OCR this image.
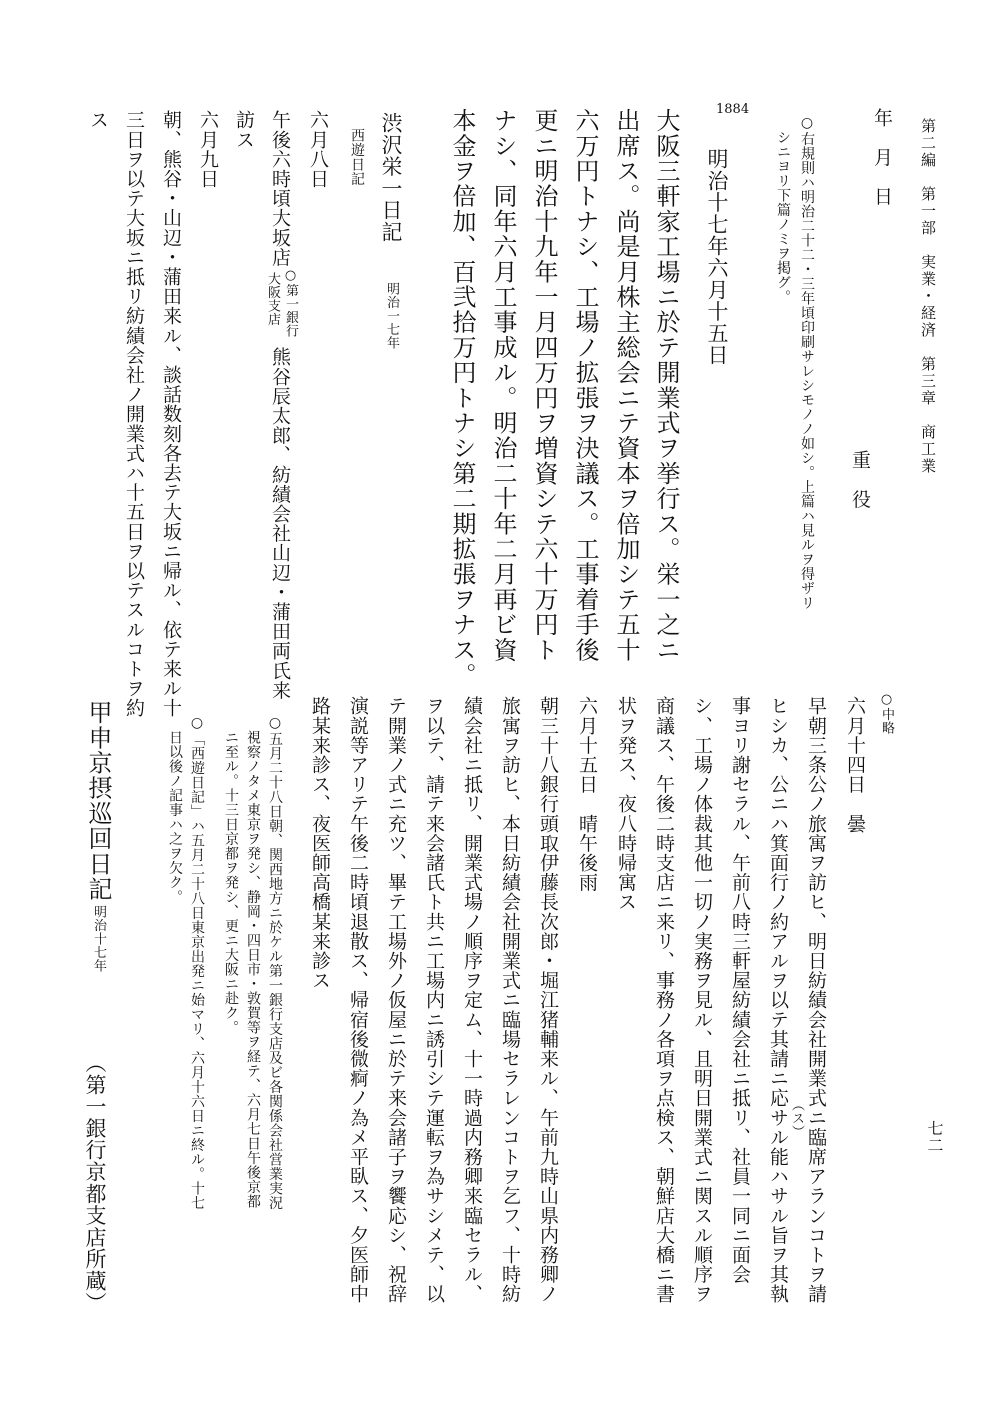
第二編　第一部　実業・経済　第三章　商工業
七二
年　月　日
重　役
○右規則ハ明治二十二・三年頃印刷サレシモノノ如シ。上篇ハ見ルヲ得ザリ
シニヨリ下篇ノミヲ掲グ。
1884
明治十七年六月十五日
大阪三軒家工場ニ於テ開業式ヲ挙行ス。栄一之ニ
出席ス。尚是月株主総会ニテ資本ヲ倍加シテ五十
六万円トナシ、工場ノ拡張ヲ決議ス。工事着手後
更ニ明治十九年一月四万円ヲ増資シテ六十万円ト
ナシ、同年六月工事成ル。明治二十年二月再ビ資
本金ヲ倍加、百弐拾万円トナシ第二期拡張ヲナス。
渋沢栄一日記
明治一七年
西遊日記
六月八日
午後六時頃大坂店
○第一銀行
大阪支店
熊谷辰太郎、紡績会社山辺・蒲田両氏来
訪ス
六月九日
朝、熊谷・山辺・蒲田来ル、談話数刻各去テ大坂ニ帰ル、依テ来ル十
三日ヲ以テ大坂ニ抵リ紡績会社ノ開業式ハ十五日ヲ以テスルコトヲ約
ス
○中略
六月十四日　曇
早朝三条公ノ旅寓ヲ訪ヒ、明日紡績会社開業式ニ臨席アランコトヲ請
ヒシカ、公ニハ箕面行ノ約アルヲ以テ其請ニ応サル能ハサル旨ヲ其執 （ス）
事ヨリ謝セラル、午前八時三軒屋紡績会社ニ抵リ、社員一同ニ面会
シ、工場ノ体裁其他一切ノ実務ヲ見ル、且明日開業式ニ関スル順序ヲ
商議ス、午後二時支店ニ来リ、事務ノ各項ヲ点検ス、朝鮮店大橋ニ書
状ヲ発ス、夜八時帰寓ス
六月十五日　晴午後雨
朝三十八銀行頭取伊藤長次郎・堀江猪輔来ル、午前九時山県内務卿ノ
旅寓ヲ訪ヒ、本日紡績会社開業式ニ臨場セラレンコトヲ乞フ、十時紡
績会社ニ抵リ、開業式場ノ順序ヲ定ム、十一時過内務卿来臨セラル、
ヲ以テ、請テ来会諸氏ト共ニ工場内ニ誘引シテ運転ヲ為サシメテ、以
テ開業ノ式ニ充ツ、畢テ工場外ノ仮屋ニ於テ来会諸子ヲ饗応シ、祝辞
演説等アリテ午後二時頃退散ス、帰宿後微痾ノ為メ平臥ス、夕医師中
路某来診ス、夜医師高橋某来診ス
○五月二十八日朝、関西地方ニ於ケル第一銀行支店及ビ各関係会社営業実況
視察ノタメ東京ヲ発シ、静岡・四日市・敦賀等ヲ経テ、六月七日午後京都
ニ至ル。十三日京都ヲ発シ、更ニ大阪ニ赴ク。
○「西遊日記」ハ五月二十八日東京出発ニ始マリ、六月十六日ニ終ル。十七
日以後ノ記事ハ之ヲ欠ク。
甲申京摂巡回日記
明治十七年
（第一銀行京都支店所蔵）
